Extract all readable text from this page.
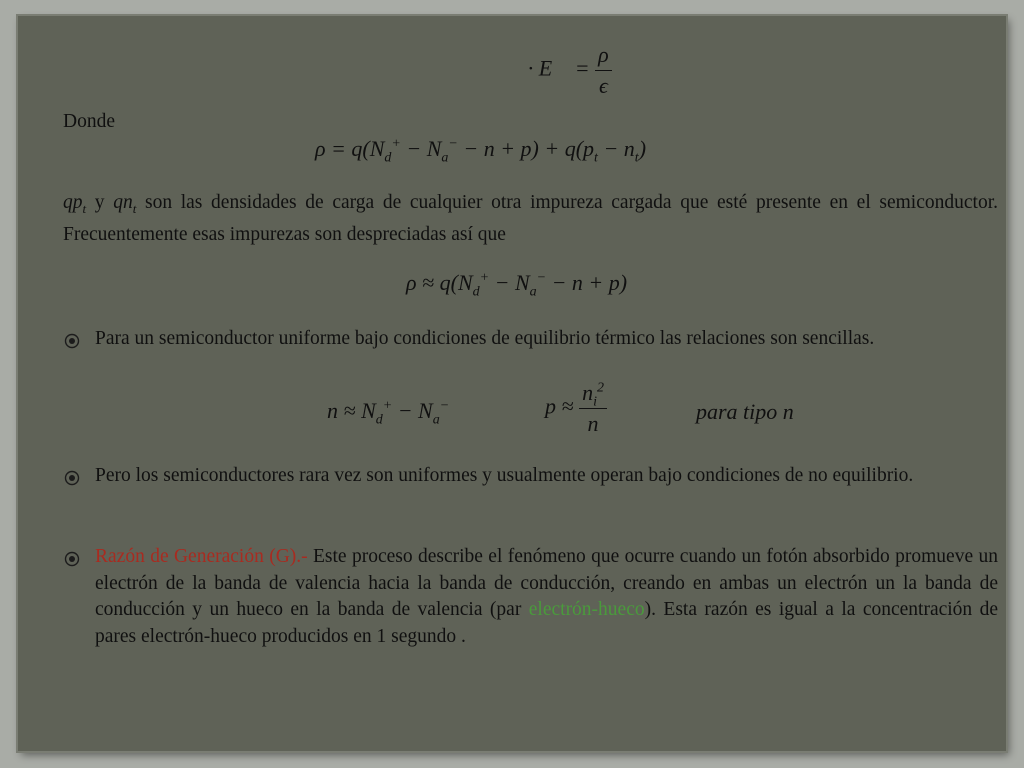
∇⃗ · E⃗ = $\frac{\rho}{\epsilon}$
Donde
$\rho = q(N_d^+ - N_a^- - n + p) + q(p_t - n_t)$
$qp_t$ y $qn_t$ son las densidades de carga de cualquier otra impureza cargada que esté presente en el semiconductor. Frecuentemente esas impurezas son despreciadas así que
$\rho \approx q(N_d^+ - N_a^- - n + p)$
Para un semiconductor uniforme bajo condiciones de equilibrio térmico las relaciones son sencillas.
$n \approx N_d^+ - N_a^-$	$p \approx \frac{n_i^2}{n}$	para tipo n
Pero los semiconductores rara vez son uniformes y usualmente operan bajo condiciones de no equilibrio.
Razón de Generación (G).- Este proceso describe el fenómeno que ocurre cuando un fotón absorbido promueve un electrón de la banda de valencia hacia la banda de conducción, creando en ambas un electrón un la banda de conducción y un hueco en la banda de valencia (par electrón-hueco). Esta razón es igual a la concentración de pares electrón-hueco producidos en 1 segundo .
